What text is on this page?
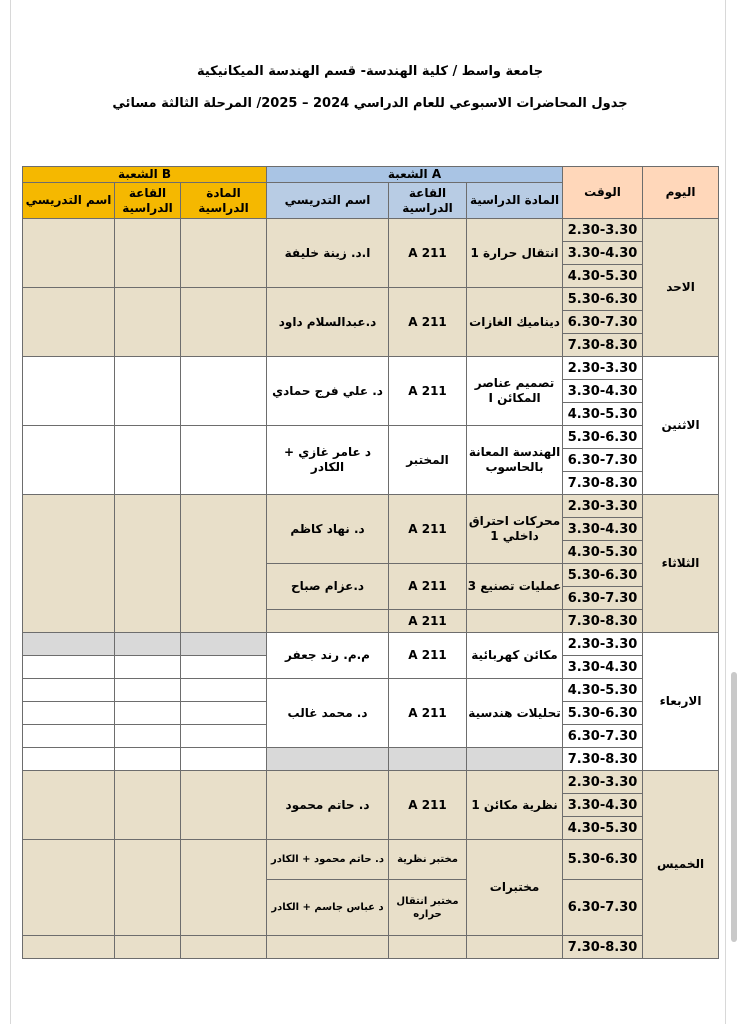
جامعة واسط / كلية الهندسة- قسم الهندسة الميكانيكية
جدول المحاضرات الاسبوعي للعام الدراسي 2024 – 2025/ المرحلة الثالثة مسائي
الشعبة B			الشعبة A			الوقت	اليوم
اسم التدريسي	القاعة الدراسية	المادة الدراسية	اسم التدريسي	القاعة الدراسية	المادة الدراسية		
			ا.د. زينة خليفة	A 211	انتقال حرارة 1	2.30-3.30	الاحد
						3.30-4.30	
						4.30-5.30	
			د.عبدالسلام داود	A 211	ديناميك الغازات	5.30-6.30	
						6.30-7.30	
						7.30-8.30	
			د. علي فرج حمادي	A 211	تصميم عناصر المكائن I	2.30-3.30	الاثنين
						3.30-4.30	
						4.30-5.30	
			د عامر غازي + الكادر	المختبر	الهندسة المعانة بالحاسوب	5.30-6.30	
						6.30-7.30	
						7.30-8.30	
			د. نهاد كاظم	A 211	محركات احتراق داخلي 1	2.30-3.30	الثلاثاء
						3.30-4.30	
						4.30-5.30	
			د.عزام صباح	A 211	عمليات تصنيع 3	5.30-6.30	
						6.30-7.30	
				A 211		7.30-8.30	
			م.م. رند جعفر	A 211	مكائن كهربائية	2.30-3.30	الاربعاء
						3.30-4.30	
			د. محمد غالب	A 211	تحليلات هندسية	4.30-5.30	
						5.30-6.30	
						6.30-7.30	
						7.30-8.30	
			د. حاتم محمود	A 211	نظرية مكائن 1	2.30-3.30	الخميس
						3.30-4.30	
						4.30-5.30	
			د. حاتم محمود + الكادر	مختبر نظرية	مختبرات	5.30-6.30	
			د عباس جاسم + الكادر	مختبر انتقال حراره		6.30-7.30	
						7.30-8.30	
